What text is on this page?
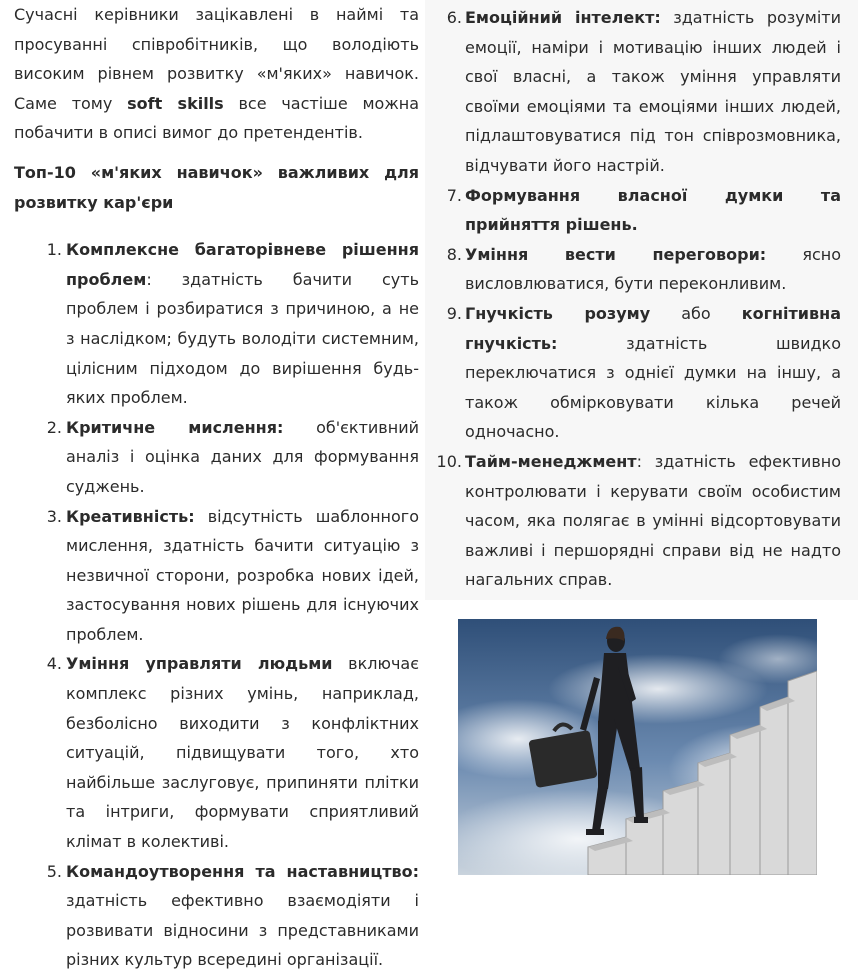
Сучасні керівники зацікавлені в наймі та просуванні співробітників, що володіють високим рівнем розвитку «м'яких» навичок. Саме тому soft skills все частіше можна побачити в описі вимог до претендентів.

Топ-10 «м'яких навичок» важливих для розвитку кар'єри
1. Комплексне багаторівневе рішення проблем: здатність бачити суть проблем і розбиратися з причиною, а не з наслідком; будуть володіти системним, цілісним підходом до вирішення будь-яких проблем.
2. Критичне мислення: об'єктивний аналіз і оцінка даних для формування суджень.
3. Креативність: відсутність шаблонного мислення, здатність бачити ситуацію з незвичної сторони, розробка нових ідей, застосування нових рішень для існуючих проблем.
4. Уміння управляти людьми включає комплекс різних умінь, наприклад, безболісно виходити з конфліктних ситуацій, підвищувати того, хто найбільше заслуговує, припиняти плітки та інтриги, формувати сприятливий клімат в колективі.
5. Командоутворення та наставництво: здатність ефективно взаємодіяти і розвивати відносини з представниками різних культур всередині організації.
6. Емоційний інтелект: здатність розуміти емоції, наміри і мотивацію інших людей і свої власні, а також уміння управляти своїми емоціями та емоціями інших людей, підлаштовуватися під тон співрозмовника, відчувати його настрій.
7. Формування власної думки та прийняття рішень.
8. Уміння вести переговори: ясно висловлюватися, бути переконливим.
9. Гнучкість розуму або когнітивна гнучкість: здатність швидко переключатися з однієї думки на іншу, а також обмірковувати кілька речей одночасно.
10. Тайм-менеджмент: здатність ефективно контролювати і керувати своїм особистим часом, яка полягає в умінні відсортовувати важливі і першорядні справи від не надто нагальних справ.
